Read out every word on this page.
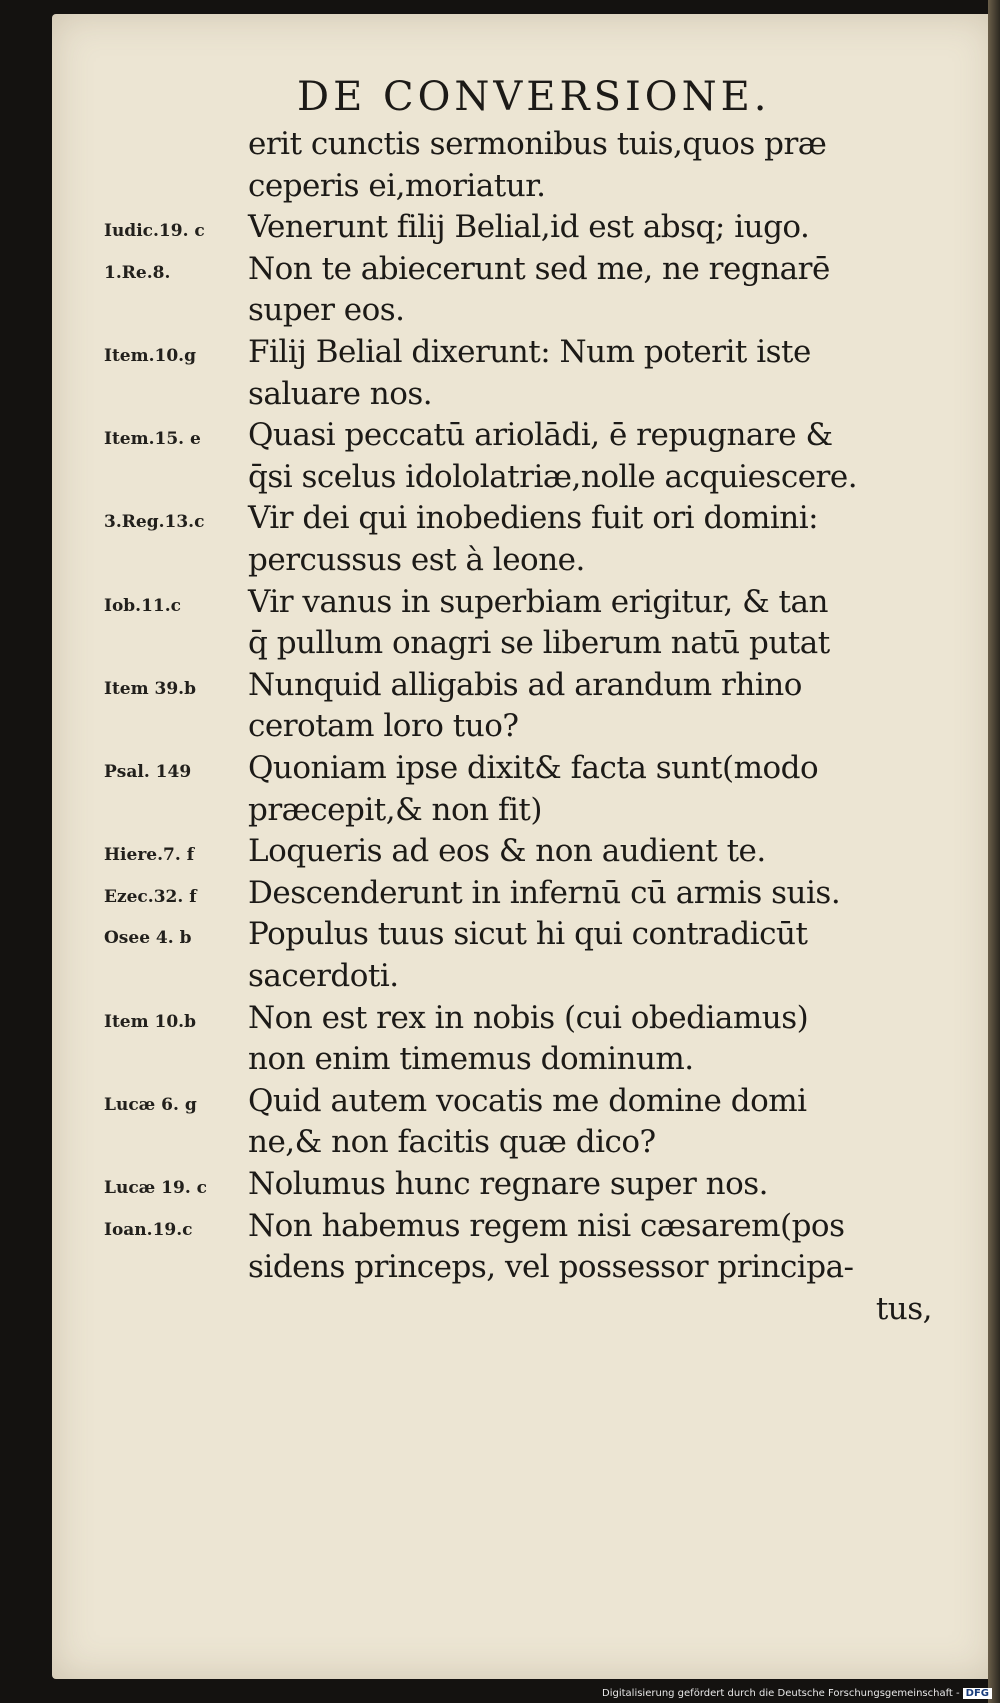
DE CONVERSIONE.
erit cunctis sermonibus tuis,quos præ
ceperis ei,moriatur.
Iudic.19. c	Venerunt filij Belial,id est absq; iugo.
1.Re.8.	Non te abiecerunt sed me, ne regnarē
super eos.
Item.10.g	Filij Belial dixerunt: Num poterit iste
saluare nos.
Item.15. e	Quasi peccatū ariolādi, ē repugnare &
q̄si scelus idololatriæ,nolle acquiescere.
3.Reg.13.c	Vir dei qui inobediens fuit ori domini:
percussus est à leone.
Iob.11.c	Vir vanus in superbiam erigitur, & tan
q̄ pullum onagri se liberum natū putat
Item 39.b	Nunquid alligabis ad arandum rhino
cerotam loro tuo?
Psal. 149	Quoniam ipse dixit& facta sunt(modo
præcepit,& non fit)
Hiere.7. f	Loqueris ad eos & non audient te.
Ezec.32. f	Descenderunt in infernū cū armis suis.
Osee 4. b	Populus tuus sicut hi qui contradicūt
sacerdoti.
Item 10.b	Non est rex in nobis (cui obediamus)
non enim timemus dominum.
Lucæ 6. g	Quid autem vocatis me domine domi
ne,& non facitis quæ dico?
Lucæ 19. c	Nolumus hunc regnare super nos.
Ioan.19.c	Non habemus regem nisi cæsarem(pos
sidens princeps, vel possessor principa-
tus,
Digitalisierung gefördert durch die Deutsche Forschungsgemeinschaft - DFG
